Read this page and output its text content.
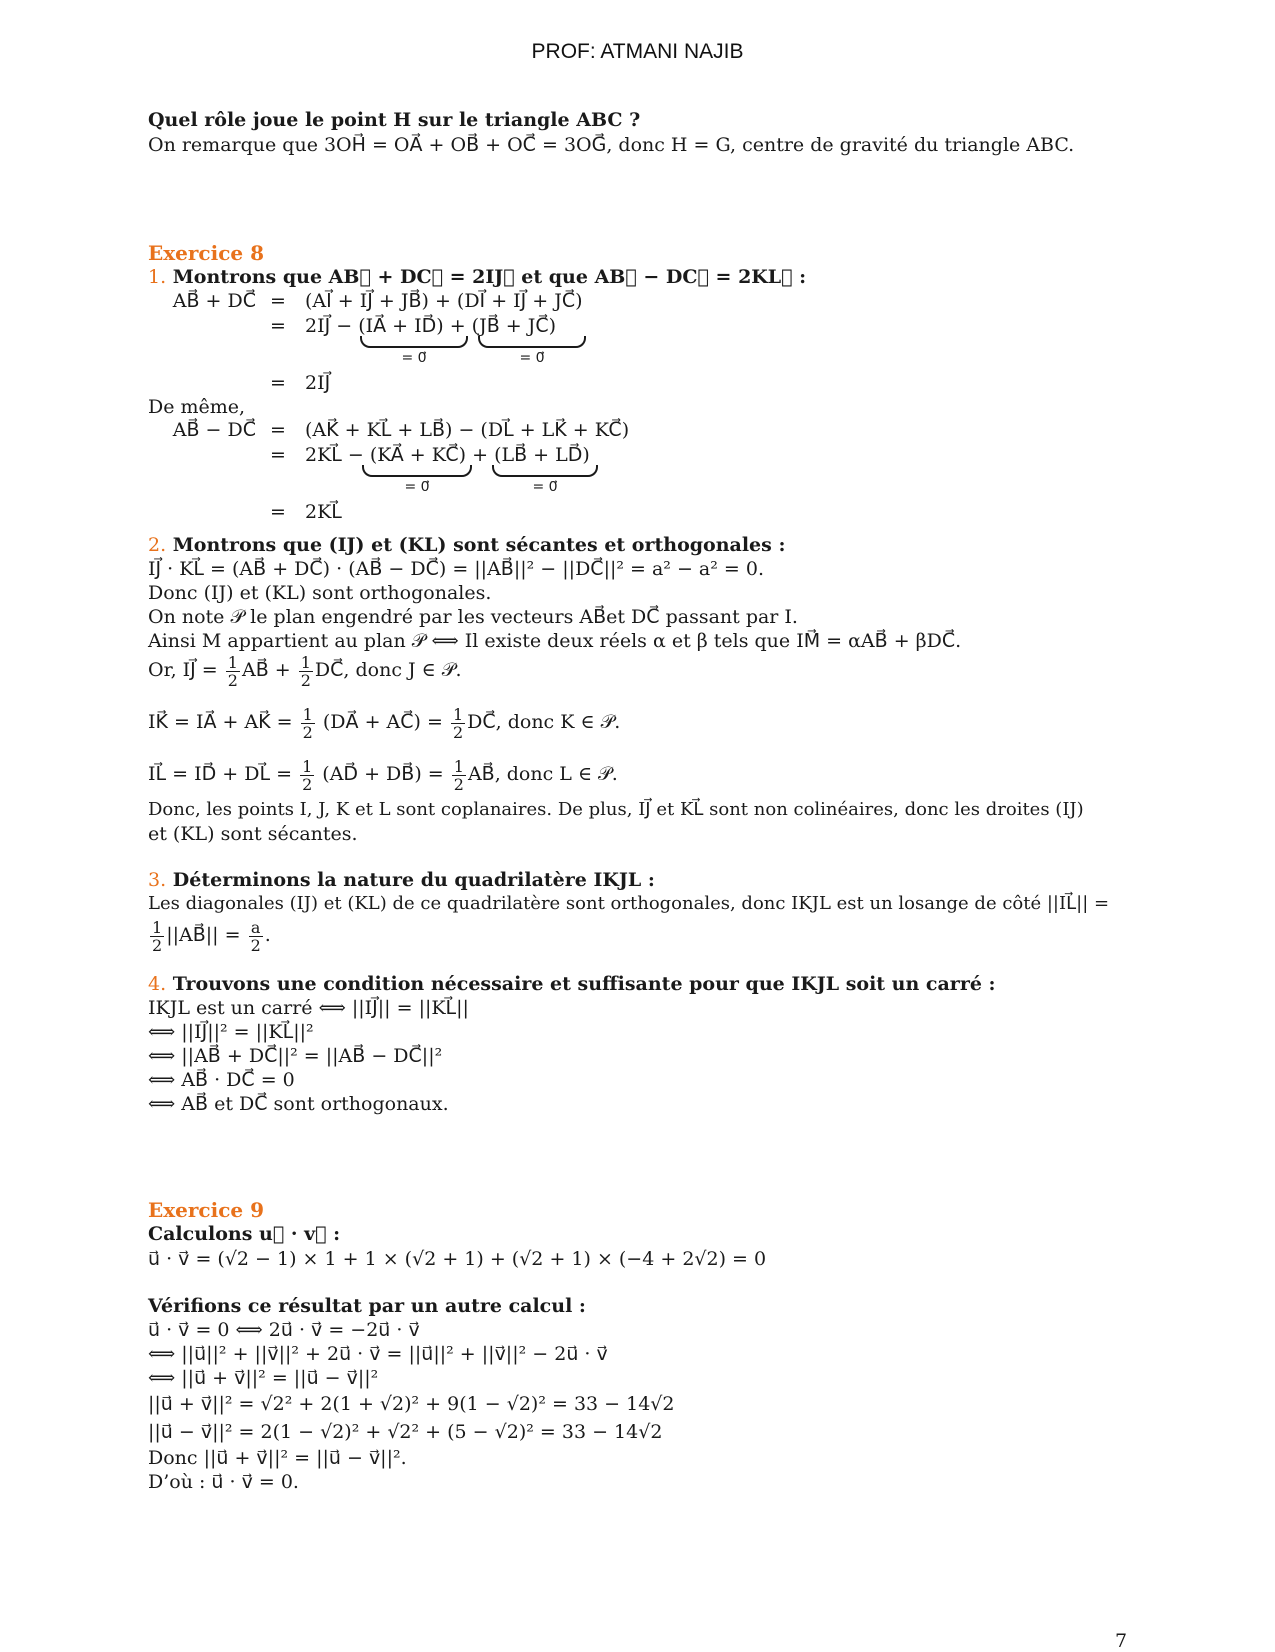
PROF: ATMANI NAJIB
Quel rôle joue le point H sur le triangle ABC ?
On remarque que 3OH⃗ = OA⃗ + OB⃗ + OC⃗ = 3OG⃗, donc H = G, centre de gravité du triangle ABC.
Exercice 8
1. Montrons que AB⃗ + DC⃗ = 2IJ⃗ et que AB⃗ − DC⃗ = 2KL⃗ :
AB⃗ + DC⃗ = (AI⃗ + IJ⃗ + JB⃗) + (DI⃗ + IJ⃗ + JC⃗)
= 2IJ⃗ − (IA⃗ + ID⃗) + (JB⃗ + JC⃗)
= 0⃗	= 0⃗
= 2IJ⃗
De même,
AB⃗ − DC⃗ = (AK⃗ + KL⃗ + LB⃗) − (DL⃗ + LK⃗ + KC⃗)
= 2KL⃗ − (KA⃗ + KC⃗) + (LB⃗ + LD⃗)
= 0⃗	= 0⃗
= 2KL⃗
2. Montrons que (IJ) et (KL) sont sécantes et orthogonales :
IJ⃗ · KL⃗ = (AB⃗ + DC⃗) · (AB⃗ − DC⃗) = ||AB⃗||² − ||DC⃗||² = a² − a² = 0.
Donc (IJ) et (KL) sont orthogonales.
On note 𝒫 le plan engendré par les vecteurs AB⃗et DC⃗ passant par I.
Ainsi M appartient au plan 𝒫 ⟺ Il existe deux réels α et β tels que IM⃗ = αAB⃗ + βDC⃗.
Or, IJ⃗ = $\frac{1}{2}$ AB⃗ + $\frac{1}{2}$ DC⃗, donc J ∈ 𝒫.
IK⃗ = IA⃗ + AK⃗ = $\frac{1}{2}$ (DA⃗ + AC⃗) = $\frac{1}{2}$ DC⃗, donc K ∈ 𝒫.
IL⃗ = ID⃗ + DL⃗ = $\frac{1}{2}$ (AD⃗ + DB⃗) = $\frac{1}{2}$ AB⃗, donc L ∈ 𝒫.
Donc, les points I, J, K et L sont coplanaires. De plus, IJ⃗ et KL⃗ sont non colinéaires, donc les droites (IJ)
et (KL) sont sécantes.
3. Déterminons la nature du quadrilatère IKJL :
Les diagonales (IJ) et (KL) de ce quadrilatère sont orthogonales, donc IKJL est un losange de côté ||IL⃗|| =
$\frac{1}{2}$ ||AB⃗|| = $\frac{a}{2}$ .
4. Trouvons une condition nécessaire et suffisante pour que IKJL soit un carré :
IKJL est un carré ⟺ ||IJ⃗|| = ||KL⃗||
⟺ ||IJ⃗||² = ||KL⃗||²
⟺ ||AB⃗ + DC⃗||² = ||AB⃗ − DC⃗||²
⟺ AB⃗ · DC⃗ = 0
⟺ AB⃗ et DC⃗ sont orthogonaux.
Exercice 9
Calculons u⃗ · v⃗ :
u⃗ · v⃗ = (√2 − 1) × 1 + 1 × (√2 + 1) + (√2 + 1) × (−4 + 2√2) = 0
Vérifions ce résultat par un autre calcul :
u⃗ · v⃗ = 0 ⟺ 2u⃗ · v⃗ = −2u⃗ · v⃗
⟺ ||u⃗||² + ||v⃗||² + 2u⃗ · v⃗ = ||u⃗||² + ||v⃗||² − 2u⃗ · v⃗
⟺ ||u⃗ + v⃗||² = ||u⃗ − v⃗||²
||u⃗ + v⃗||² = √2² + 2(1 + √2)² + 9(1 − √2)² = 33 − 14√2
||u⃗ − v⃗||² = 2(1 − √2)² + √2² + (5 − √2)² = 33 − 14√2
Donc ||u⃗ + v⃗||² = ||u⃗ − v⃗||².
D’où : u⃗ · v⃗ = 0.
7
